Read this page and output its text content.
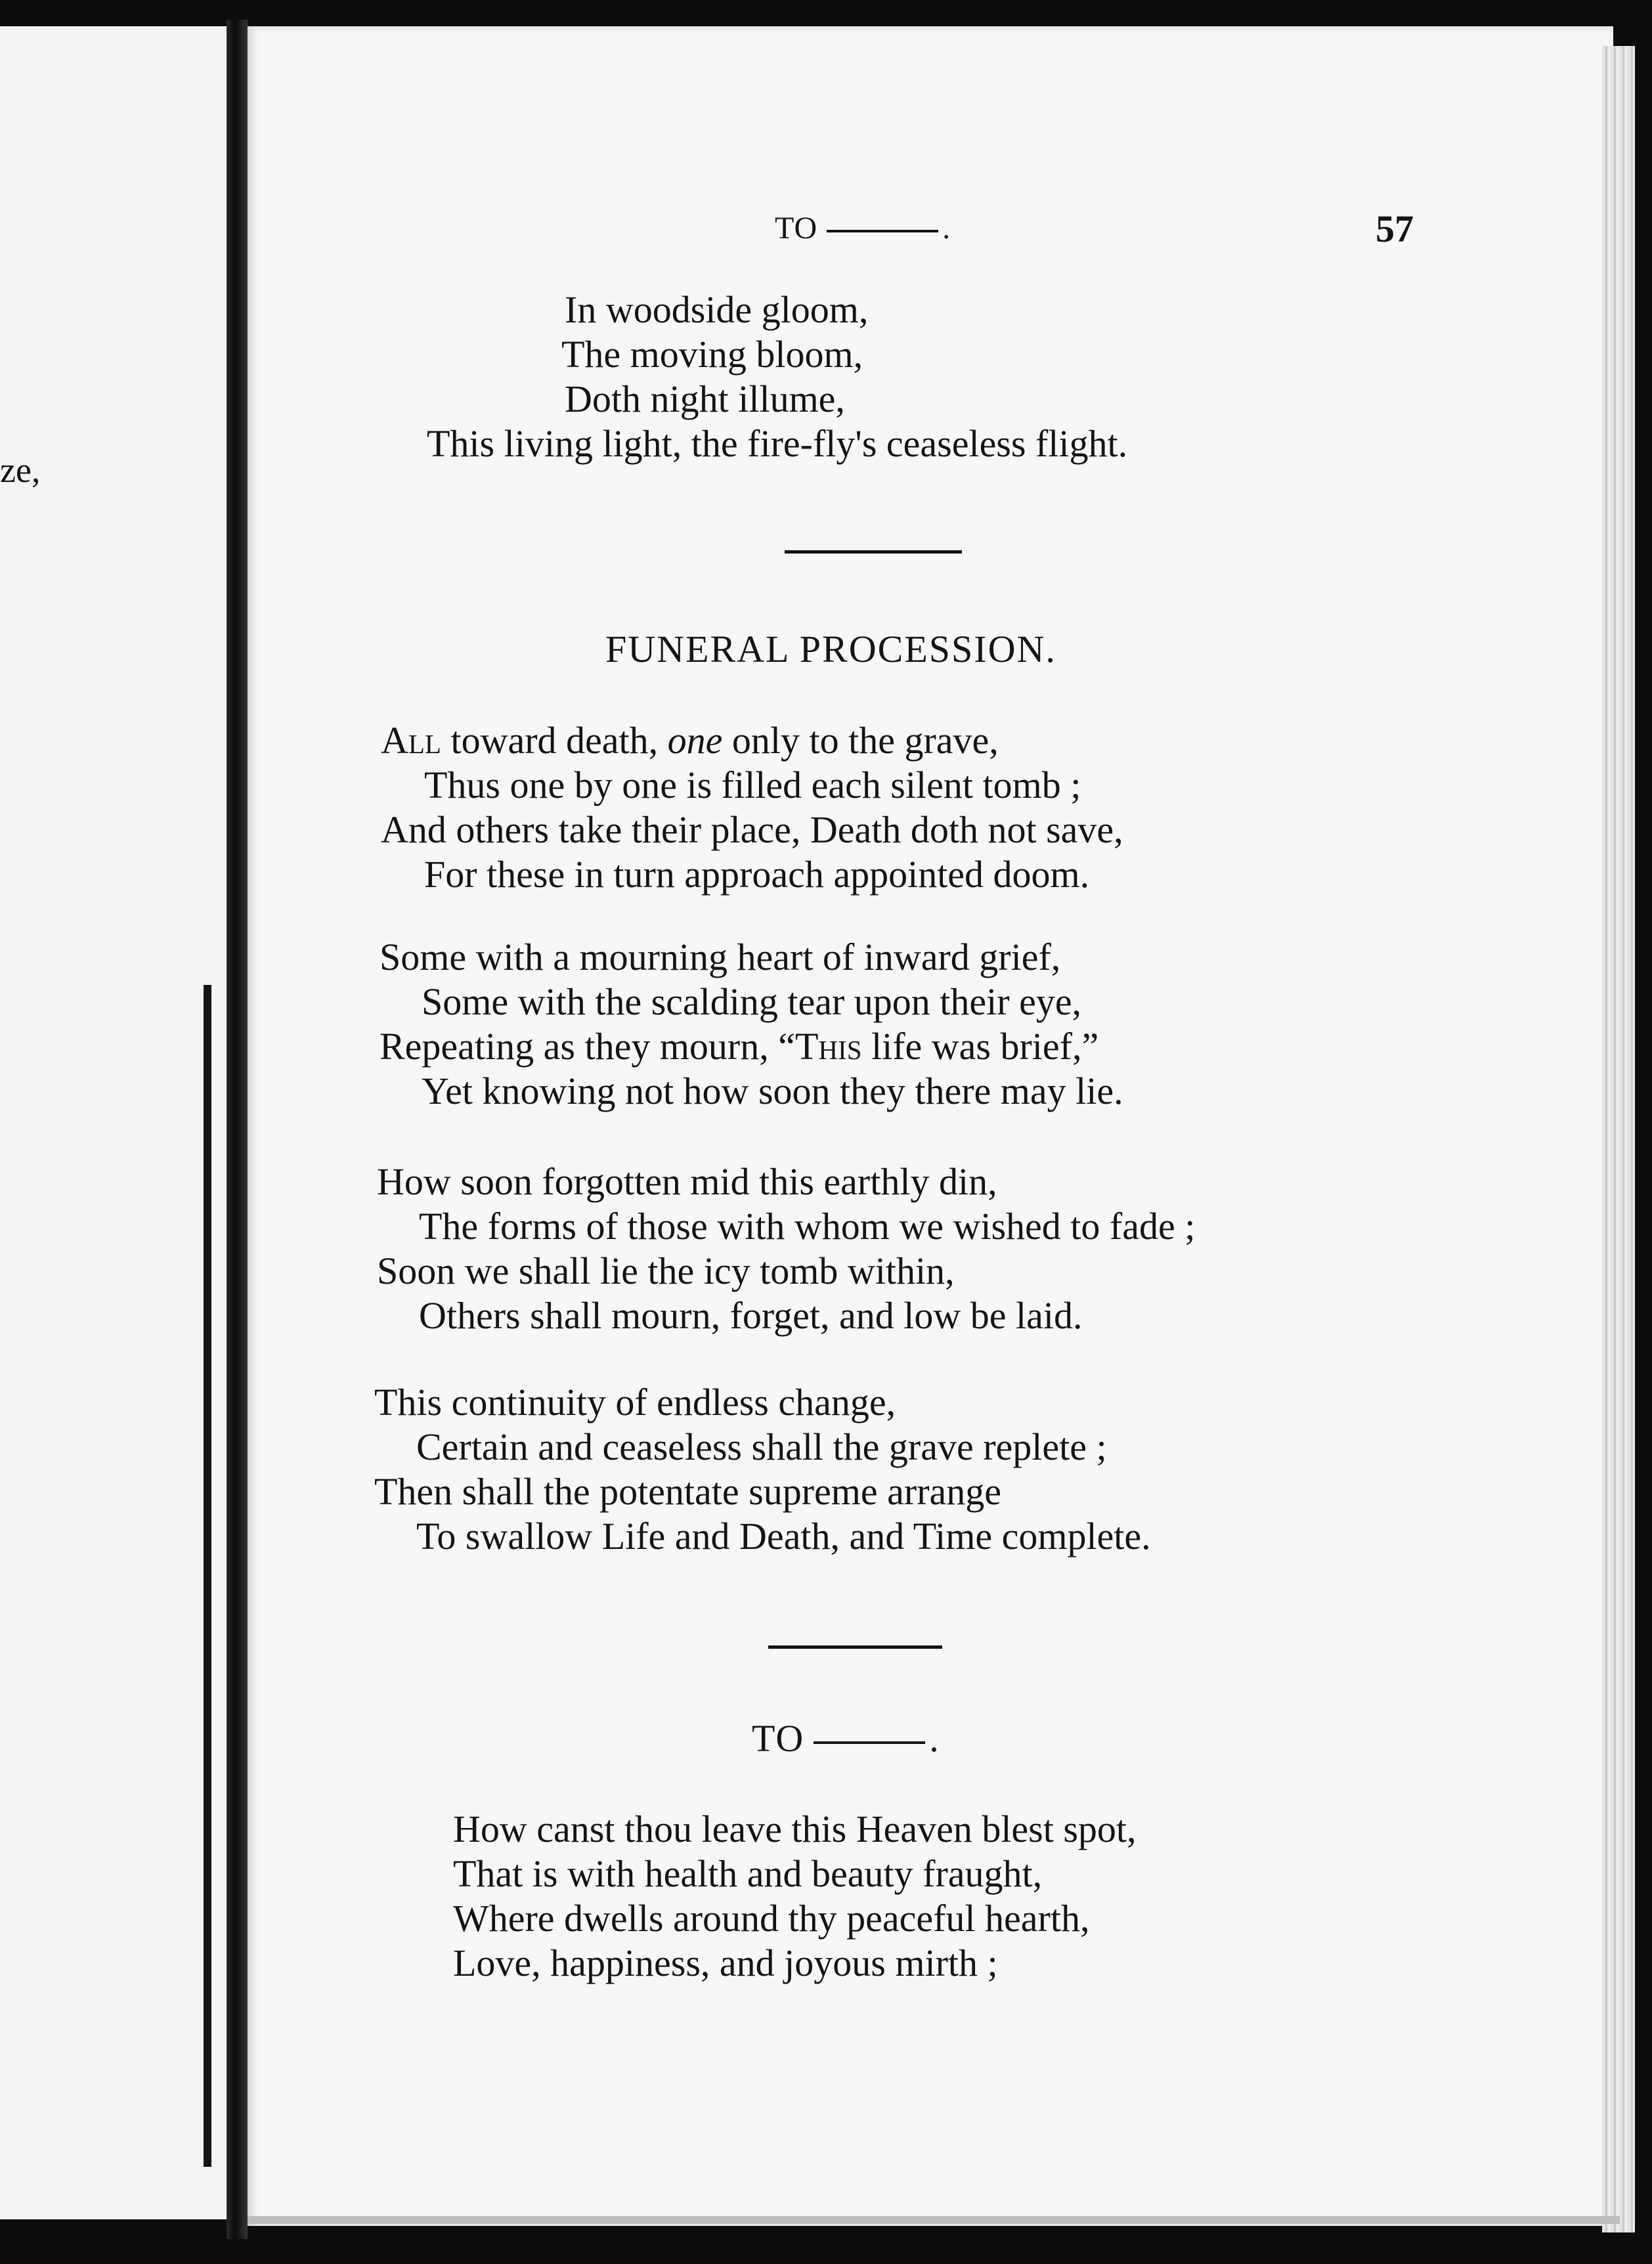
ze,
TO	.	57
In woodside gloom,
The moving bloom,
Doth night illume,
This living light, the fire-fly's ceaseless flight.
FUNERAL PROCESSION.
All toward death, one only to the grave,
Thus one by one is filled each silent tomb ;
And others take their place, Death doth not save,
For these in turn approach appointed doom.
Some with a mourning heart of inward grief,
Some with the scalding tear upon their eye,
Repeating as they mourn, “This life was brief,”
Yet knowing not how soon they there may lie.
How soon forgotten mid this earthly din,
The forms of those with whom we wished to fade ;
Soon we shall lie the icy tomb within,
Others shall mourn, forget, and low be laid.
This continuity of endless change,
Certain and ceaseless shall the grave replete ;
Then shall the potentate supreme arrange
To swallow Life and Death, and Time complete.
TO	.
How canst thou leave this Heaven blest spot,
That is with health and beauty fraught,
Where dwells around thy peaceful hearth,
Love, happiness, and joyous mirth ;
